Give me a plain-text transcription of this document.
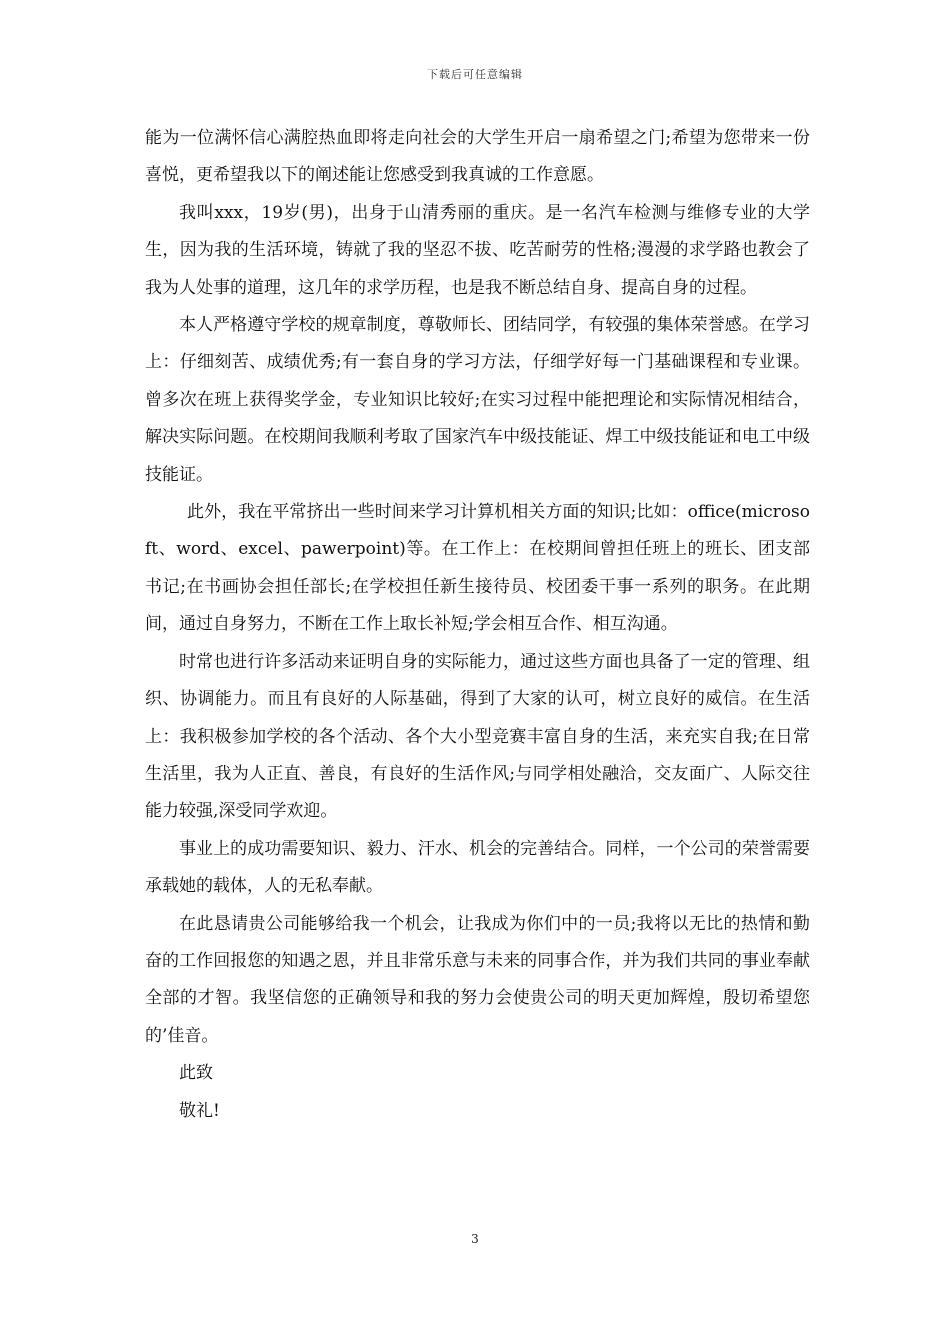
下载后可任意编辑

能为一位满怀信心满腔热血即将走向社会的大学生开启一扇希望之门;希望为您带来一份喜悦，更希望我以下的阐述能让您感受到我真诚的工作意愿。

我叫xxx，19岁(男)，出身于山清秀丽的重庆。是一名汽车检测与维修专业的大学生，因为我的生活环境，铸就了我的坚忍不拔、吃苦耐劳的性格;漫漫的求学路也教会了我为人处事的道理，这几年的求学历程，也是我不断总结自身、提高自身的过程。

本人严格遵守学校的规章制度，尊敬师长、团结同学，有较强的集体荣誉感。在学习上：仔细刻苦、成绩优秀;有一套自身的学习方法，仔细学好每一门基础课程和专业课。曾多次在班上获得奖学金，专业知识比较好;在实习过程中能把理论和实际情况相结合，解决实际问题。在校期间我顺利考取了国家汽车中级技能证、焊工中级技能证和电工中级技能证。

此外，我在平常挤出一些时间来学习计算机相关方面的知识;比如：office(microsoft、word、excel、pawerpoint)等。在工作上：在校期间曾担任班上的班长、团支部书记;在书画协会担任部长;在学校担任新生接待员、校团委干事一系列的职务。在此期间，通过自身努力，不断在工作上取长补短;学会相互合作、相互沟通。

时常也进行许多活动来证明自身的实际能力，通过这些方面也具备了一定的管理、组织、协调能力。而且有良好的人际基础，得到了大家的认可，树立良好的威信。在生活上：我积极参加学校的各个活动、各个大小型竞赛丰富自身的生活，来充实自我;在日常生活里，我为人正直、善良，有良好的生活作风;与同学相处融洽，交友面广、人际交往能力较强,深受同学欢迎。

事业上的成功需要知识、毅力、汗水、机会的完善结合。同样，一个公司的荣誉需要承载她的载体，人的无私奉献。

在此恳请贵公司能够给我一个机会，让我成为你们中的一员;我将以无比的热情和勤奋的工作回报您的知遇之恩，并且非常乐意与未来的同事合作，并为我们共同的事业奉献全部的才智。我坚信您的正确领导和我的努力会使贵公司的明天更加辉煌，殷切希望您的’佳音。

此致

敬礼!

3
